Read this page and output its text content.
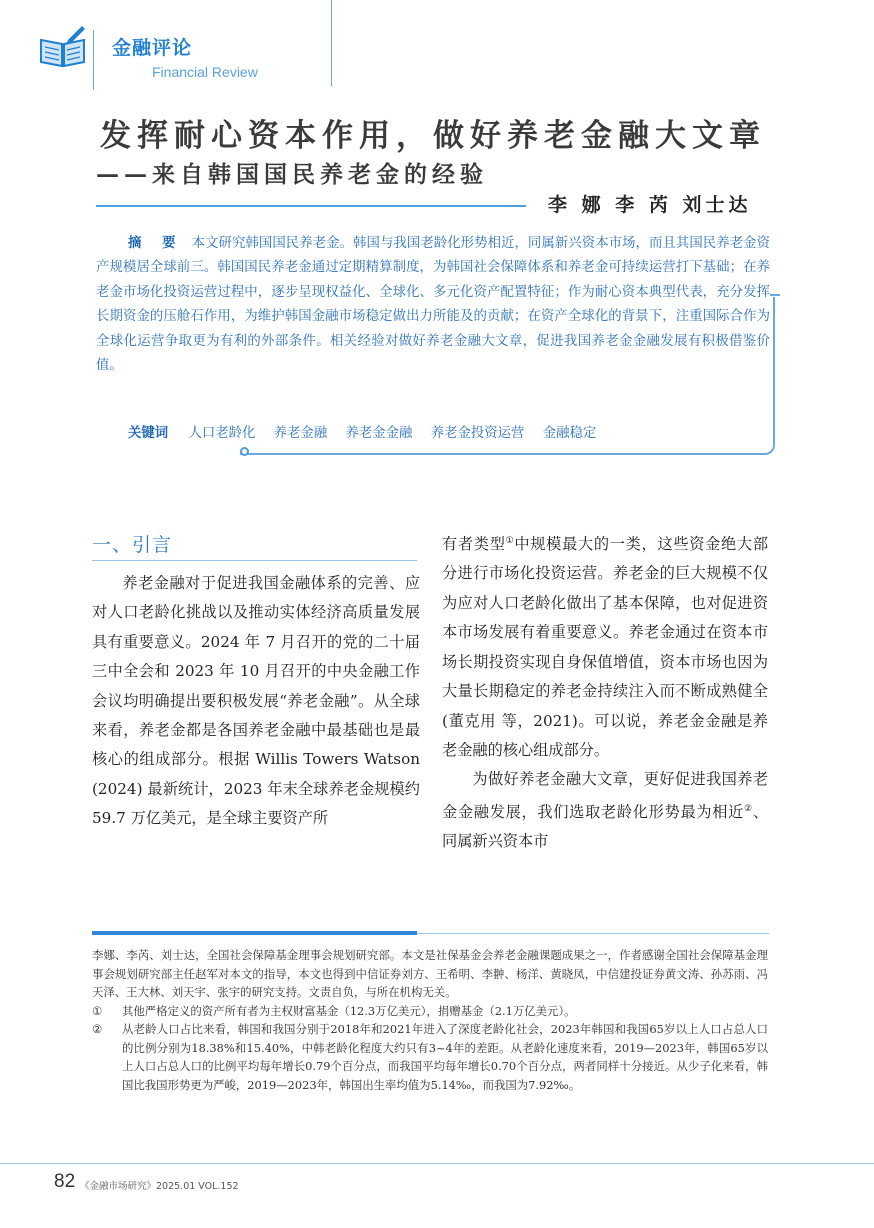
金融评论
Financial Review
发挥耐心资本作用，做好养老金融大文章
——来自韩国国民养老金的经验
李 娜 李 芮 刘士达
摘 要 本文研究韩国国民养老金。韩国与我国老龄化形势相近，同属新兴资本市场，而且其国民养老金资产规模居全球前三。韩国国民养老金通过定期精算制度，为韩国社会保障体系和养老金可持续运营打下基础；在养老金市场化投资运营过程中，逐步呈现权益化、全球化、多元化资产配置特征；作为耐心资本典型代表，充分发挥长期资金的压舱石作用，为维护韩国金融市场稳定做出力所能及的贡献；在资产全球化的背景下，注重国际合作为全球化运营争取更为有利的外部条件。相关经验对做好养老金融大文章，促进我国养老金金融发展有积极借鉴价值。
关键词 人口老龄化 养老金融 养老金金融 养老金投资运营 金融稳定
一、引言

养老金融对于促进我国金融体系的完善、应对人口老龄化挑战以及推动实体经济高质量发展具有重要意义。2024 年 7 月召开的党的二十届三中全会和 2023 年 10 月召开的中央金融工作会议均明确提出要积极发展“养老金融”。从全球来看，养老金都是各国养老金融中最基础也是最核心的组成部分。根据 Willis Towers Watson (2024) 最新统计，2023 年末全球养老金规模约 59.7 万亿美元，是全球主要资产所

有者类型①中规模最大的一类，这些资金绝大部分进行市场化投资运营。养老金的巨大规模不仅为应对人口老龄化做出了基本保障，也对促进资本市场发展有着重要意义。养老金通过在资本市场长期投资实现自身保值增值，资本市场也因为大量长期稳定的养老金持续注入而不断成熟健全 (董克用 等，2021)。可以说，养老金金融是养老金融的核心组成部分。

为做好养老金融大文章，更好促进我国养老金金融发展，我们选取老龄化形势最为相近②、同属新兴资本市

李娜、李芮、刘士达，全国社会保障基金理事会规划研究部。本文是社保基金会养老金融课题成果之一，作者感谢全国社会保障基金理事会规划研究部主任赵军对本文的指导，本文也得到中信证券刘方、王希明、李翀、杨洋、黄晓凤，中信建投证券黄文涛、孙苏雨、冯天泽、王大林、刘天宇、张宇的研究支持。文责自负，与所在机构无关。
①	其他严格定义的资产所有者为主权财富基金（12.3万亿美元），捐赠基金（2.1万亿美元）。
②	从老龄人口占比来看，韩国和我国分别于2018年和2021年进入了深度老龄化社会，2023年韩国和我国65岁以上人口占总人口的比例分别为18.38%和15.40%，中韩老龄化程度大约只有3~4年的差距。从老龄化速度来看，2019—2023年，韩国65岁以上人口占总人口的比例平均每年增长0.79个百分点，而我国平均每年增长0.70个百分点，两者同样十分接近。从少子化来看，韩国比我国形势更为严峻，2019—2023年，韩国出生率均值为5.14‰，而我国为7.92‰。
82 《金融市场研究》2025.01 VOL.152
